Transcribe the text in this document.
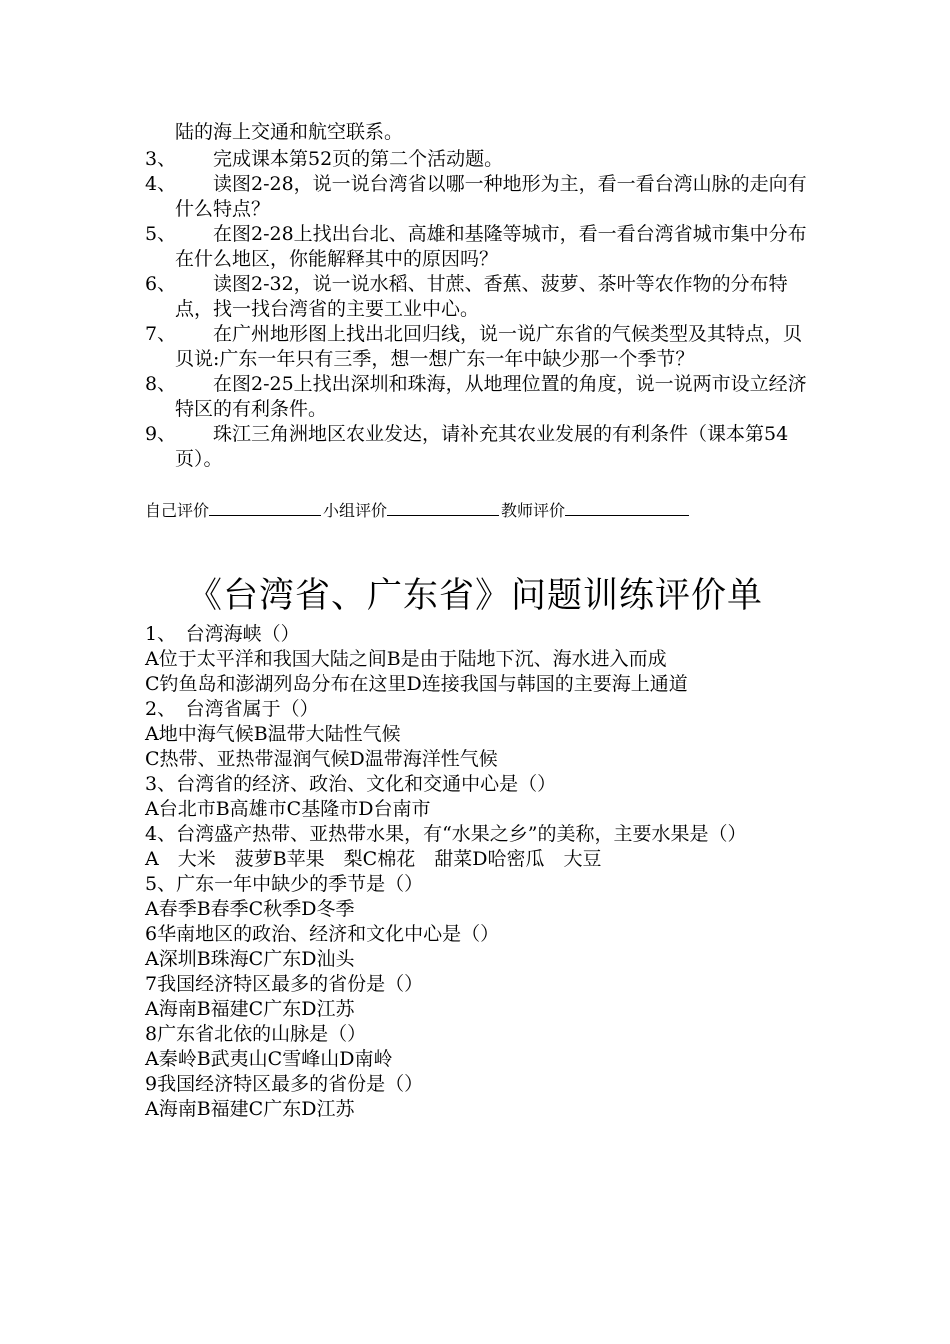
陆的海上交通和航空联系。

3、	完成课本第52页的第二个活动题。
4、	读图2-28，说一说台湾省以哪一种地形为主，看一看台湾山脉的走向有什么特点？
5、	在图2-28上找出台北、高雄和基隆等城市，看一看台湾省城市集中分布在什么地区，你能解释其中的原因吗？
6、	读图2-32，说一说水稻、甘蔗、香蕉、菠萝、茶叶等农作物的分布特点，找一找台湾省的主要工业中心。
7、	在广州地形图上找出北回归线，说一说广东省的气候类型及其特点，贝贝说:广东一年只有三季，想一想广东一年中缺少那一个季节？
8、	在图2-25上找出深圳和珠海，从地理位置的角度，说一说两市设立经济特区的有利条件。
9、	珠江三角洲地区农业发达，请补充其农业发展的有利条件（课本第54页）。
自己评价	小组评价	教师评价
《台湾省、广东省》问题训练评价单

1、　台湾海峡（）

A位于太平洋和我国大陆之间B是由于陆地下沉、海水进入而成

C钓鱼岛和澎湖列岛分布在这里D连接我国与韩国的主要海上通道

2、　台湾省属于（）

A地中海气候B温带大陆性气候

C热带、亚热带湿润气候D温带海洋性气候

3、台湾省的经济、政治、文化和交通中心是（）

A台北市B高雄市C基隆市D台南市

4、台湾盛产热带、亚热带水果，有“水果之乡”的美称，主要水果是（）

A　大米　菠萝B苹果　梨C棉花　甜菜D哈密瓜　大豆

5、广东一年中缺少的季节是（）

A春季B春季C秋季D冬季

6华南地区的政治、经济和文化中心是（）

A深圳B珠海C广东D汕头

7我国经济特区最多的省份是（）

A海南B福建C广东D江苏

8广东省北依的山脉是（）

A秦岭B武夷山C雪峰山D南岭

9我国经济特区最多的省份是（）

A海南B福建C广东D江苏
